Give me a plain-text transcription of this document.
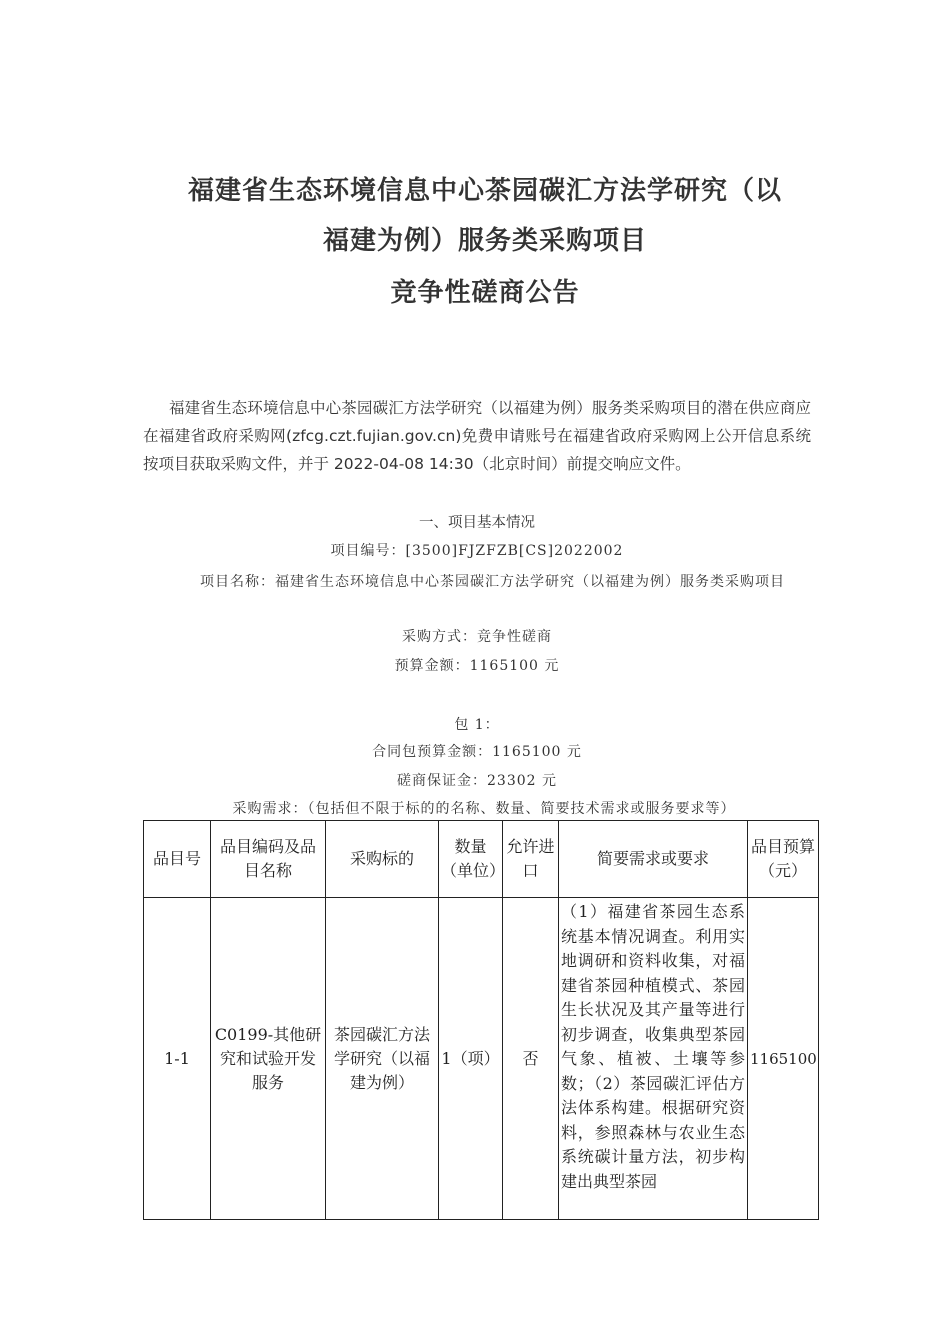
福建省生态环境信息中心茶园碳汇方法学研究（以
福建为例）服务类采购项目
竞争性磋商公告
福建省生态环境信息中心茶园碳汇方法学研究（以福建为例）服务类采购项目的潜在供应商应在福建省政府采购网(zfcg.czt.fujian.gov.cn)免费申请账号在福建省政府采购网上公开信息系统按项目获取采购文件，并于 2022-04-08 14:30（北京时间）前提交响应文件。
一、项目基本情况
项目编号：[3500]FJZFZB[CS]2022002
项目名称：福建省生态环境信息中心茶园碳汇方法学研究（以福建为例）服务类采购项目
采购方式：竞争性磋商
预算金额：1165100 元
包 1：
合同包预算金额：1165100 元
磋商保证金：23302 元
采购需求：（包括但不限于标的的名称、数量、简要技术需求或服务要求等）
品目号	品目编码及品目名称	采购标的	数量（单位）	允许进口	简要需求或要求	品目预算（元）
1-1	C0199-其他研究和试验开发服务	茶园碳汇方法学研究（以福建为例）	1（项）	否	（1）福建省茶园生态系统基本情况调查。利用实地调研和资料收集，对福建省茶园种植模式、茶园生长状况及其产量等进行初步调查，收集典型茶园气象、植被、土壤等参数；（2）茶园碳汇评估方法体系构建。根据研究资料，参照森林与农业生态系统碳计量方法，初步构建出典型茶园	1165100
